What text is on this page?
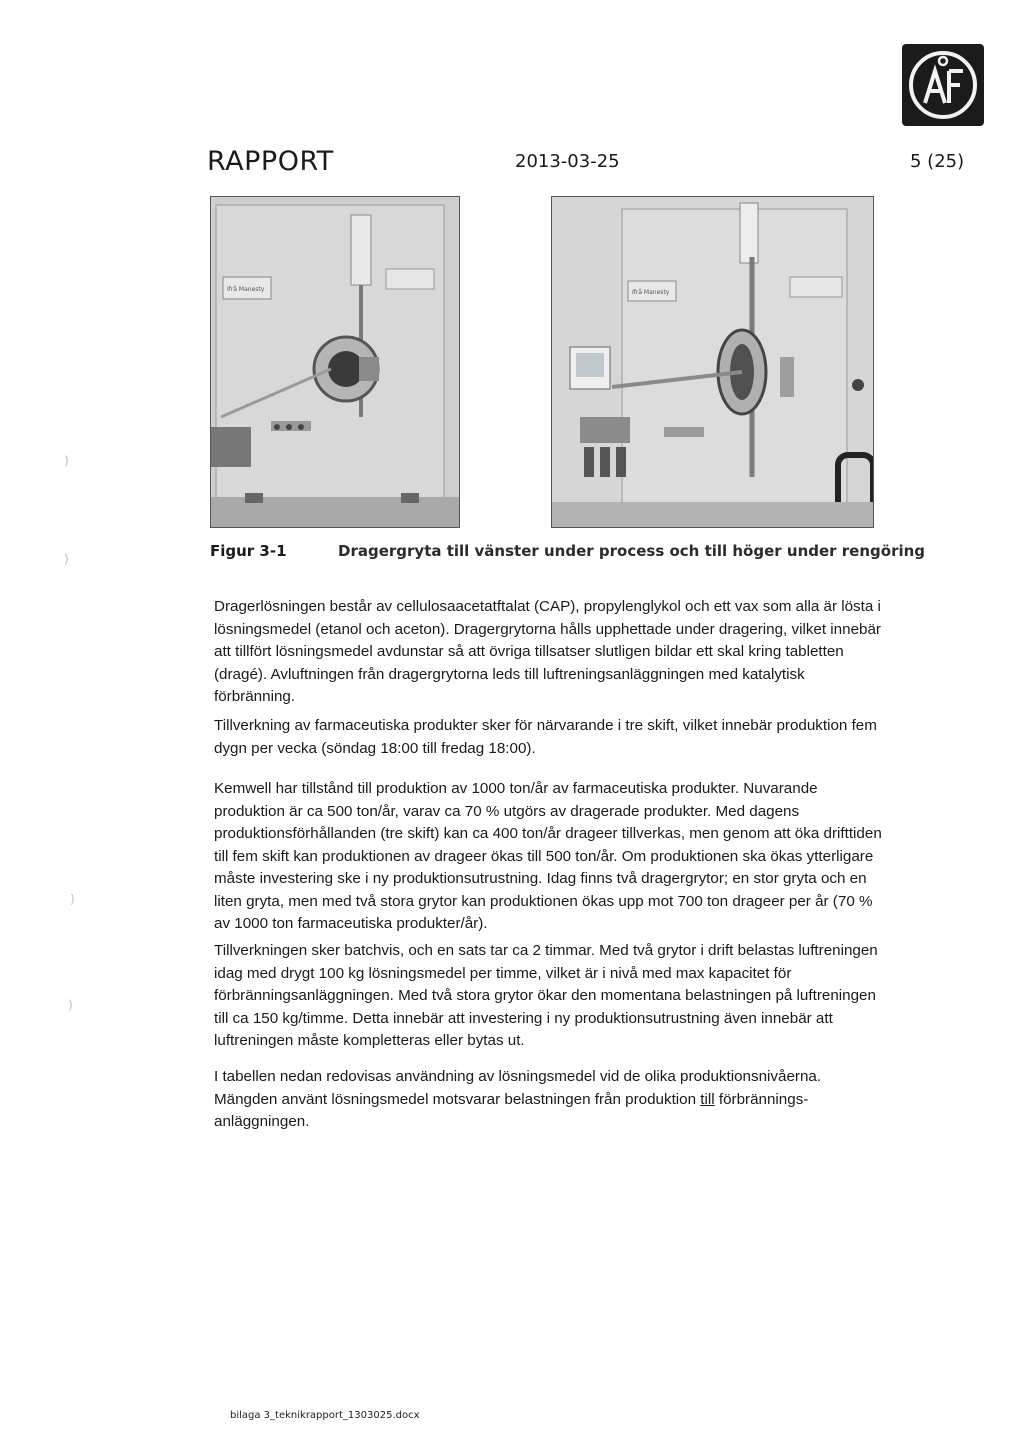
RAPPORT	2013-03-25	5 (25)
Ifrå Manesty	Ifrå Manesty
Figur 3-1	Dragergryta till vänster under process och till höger under rengöring

Dragerlösningen består av cellulosaacetatftalat (CAP), propylenglykol och ett vax som alla är lösta i lösningsmedel (etanol och aceton). Dragergrytorna hålls upphettade under dragering, vilket innebär att tillfört lösningsmedel avdunstar så att övriga tillsatser slutligen bildar ett skal kring tabletten (dragé). Avluftningen från dragergrytorna leds till luftreningsanläggningen med katalytisk förbränning.

Tillverkning av farmaceutiska produkter sker för närvarande i tre skift, vilket innebär produktion fem dygn per vecka (söndag 18:00 till fredag 18:00).

Kemwell har tillstånd till produktion av 1000 ton/år av farmaceutiska produkter. Nuvarande produktion är ca 500 ton/år, varav ca 70 % utgörs av dragerade produkter. Med dagens produktionsförhållanden (tre skift) kan ca 400 ton/år drageer tillverkas, men genom att öka drifttiden till fem skift kan produktionen av drageer ökas till 500 ton/år. Om produktionen ska ökas ytterligare måste investering ske i ny produktionsutrustning. Idag finns två dragergrytor; en stor gryta och en liten gryta, men med två stora grytor kan produktionen ökas upp mot 700 ton drageer per år (70 % av 1000 ton farmaceutiska produkter/år).

Tillverkningen sker batchvis, och en sats tar ca 2 timmar. Med två grytor i drift belastas luftreningen idag med drygt 100 kg lösningsmedel per timme, vilket är i nivå med max kapacitet för förbränningsanläggningen. Med två stora grytor ökar den momentana belastningen på luftreningen till ca 150 kg/timme. Detta innebär att investering i ny produktionsutrustning även innebär att luftreningen måste kompletteras eller bytas ut.

I tabellen nedan redovisas användning av lösningsmedel vid de olika produktionsnivåerna. Mängden använt lösningsmedel motsvarar belastningen från produktion till förbrännings-anläggningen.

bilaga 3_teknikrapport_1303025.docx
)
)
)
)
